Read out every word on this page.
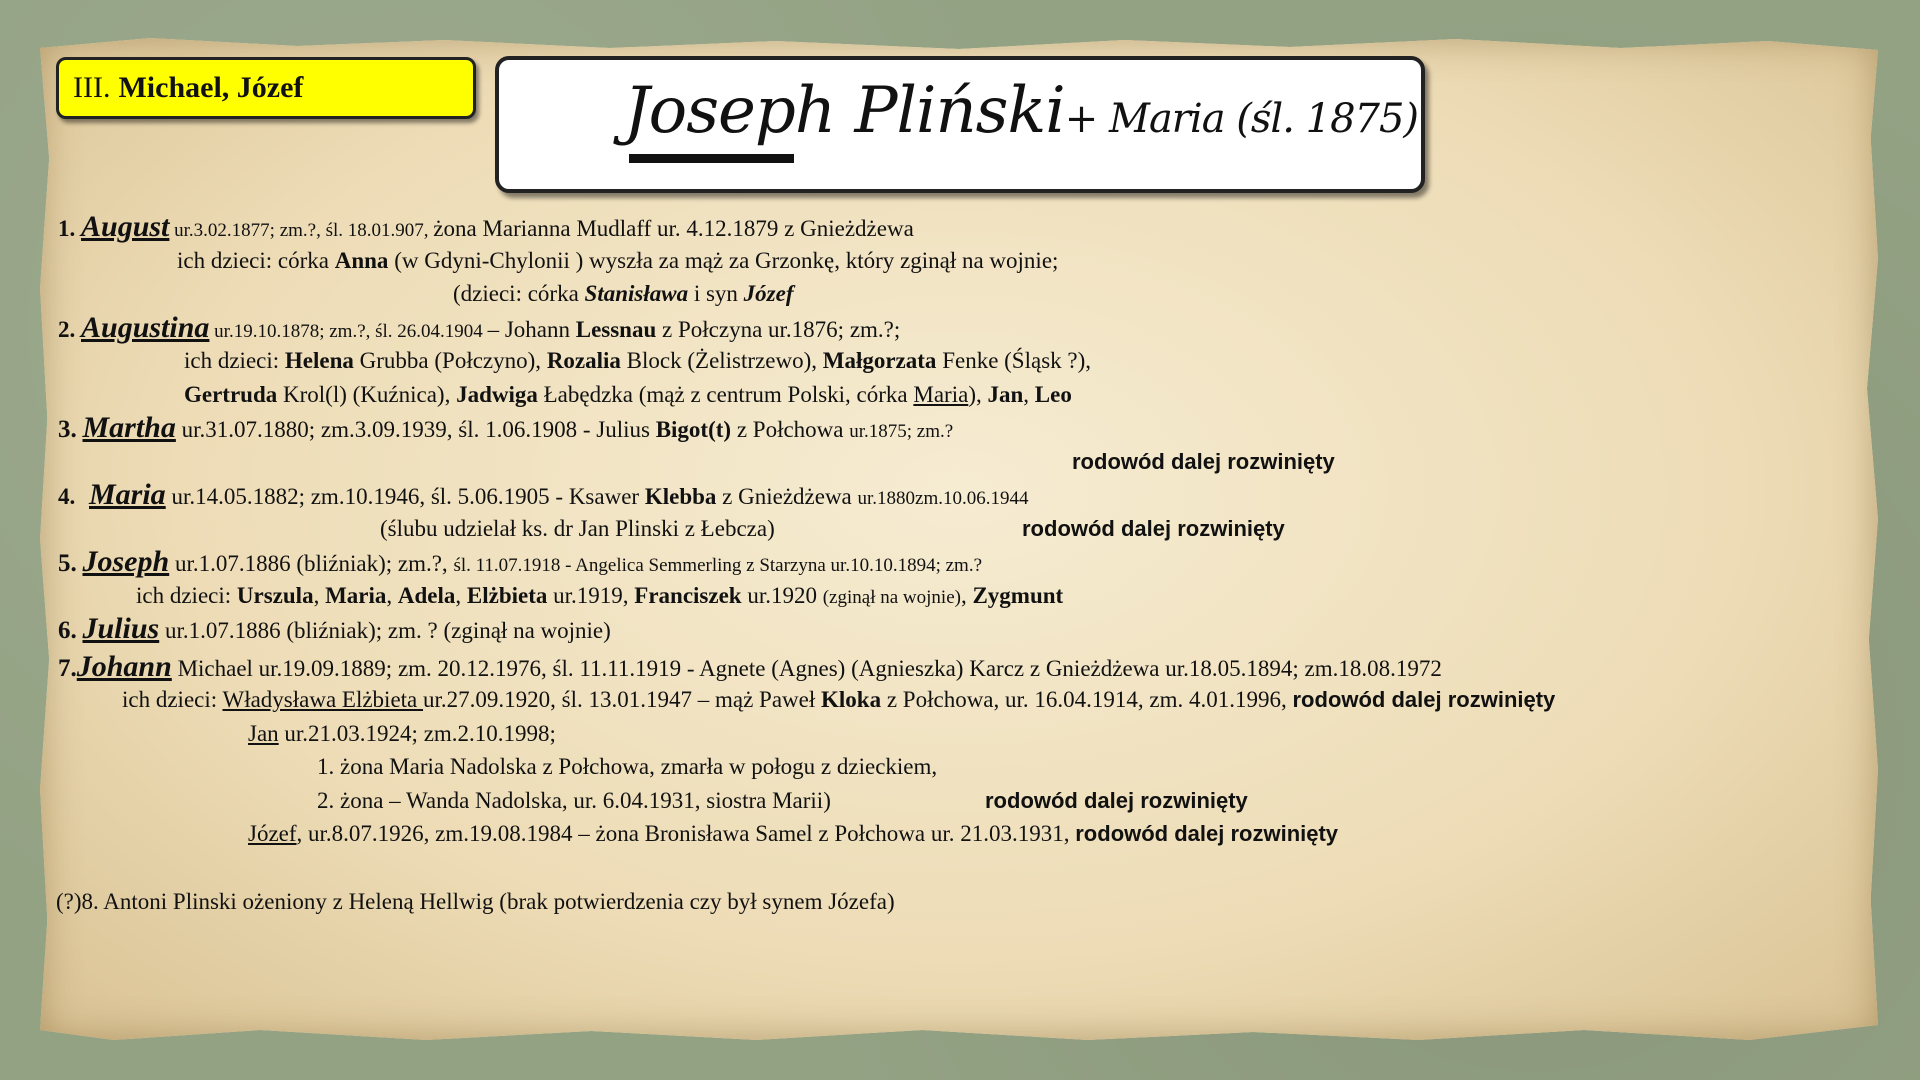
III. Michael, Józef	Joseph Pliński+ Maria (śl. 1875)
1. August ur.3.02.1877; zm.?, śl. 18.01.907, żona Marianna Mudlaff ur. 4.12.1879 z Gnieżdżewa
ich dzieci: córka Anna (w Gdyni-Chylonii ) wyszła za mąż za Grzonkę, który zginął na wojnie;
(dzieci: córka Stanisława i syn Józef
2. Augustina ur.19.10.1878; zm.?, śl. 26.04.1904 – Johann Lessnau z Połczyna ur.1876; zm.?;
ich dzieci: Helena Grubba (Połczyno), Rozalia Block (Żelistrzewo), Małgorzata Fenke (Śląsk ?),
Gertruda Krol(l) (Kuźnica), Jadwiga Łabędzka (mąż z centrum Polski, córka Maria), Jan, Leo
3. Martha ur.31.07.1880; zm.3.09.1939, śl. 1.06.1908 - Julius Bigot(t) z Połchowa ur.1875; zm.?
rodowód dalej rozwinięty
4. Maria ur.14.05.1882; zm.10.1946, śl. 5.06.1905 - Ksawer Klebba z Gnieżdżewa ur.1880zm.10.06.1944
(ślubu udzielał ks. dr Jan Plinski z Łebcza)	rodowód dalej rozwinięty
5. Joseph ur.1.07.1886 (bliźniak); zm.?, śl. 11.07.1918 - Angelica Semmerling z Starzyna ur.10.10.1894; zm.?
ich dzieci: Urszula, Maria, Adela, Elżbieta ur.1919, Franciszek ur.1920 (zginął na wojnie), Zygmunt
6. Julius ur.1.07.1886 (bliźniak); zm. ? (zginął na wojnie)
7.Johann Michael ur.19.09.1889; zm. 20.12.1976, śl. 11.11.1919 - Agnete (Agnes) (Agnieszka) Karcz z Gnieżdżewa ur.18.05.1894; zm.18.08.1972
ich dzieci: Władysława Elżbieta ur.27.09.1920, śl. 13.01.1947 – mąż Paweł Kloka z Połchowa, ur. 16.04.1914, zm. 4.01.1996, rodowód dalej rozwinięty
Jan ur.21.03.1924; zm.2.10.1998;
1. żona Maria Nadolska z Połchowa, zmarła w połogu z dzieckiem,
2. żona – Wanda Nadolska, ur. 6.04.1931, siostra Marii)	rodowód dalej rozwinięty
Józef, ur.8.07.1926, zm.19.08.1984 – żona Bronisława Samel z Połchowa ur. 21.03.1931, rodowód dalej rozwinięty
(?)8. Antoni Plinski ożeniony z Heleną Hellwig (brak potwierdzenia czy był synem Józefa)
